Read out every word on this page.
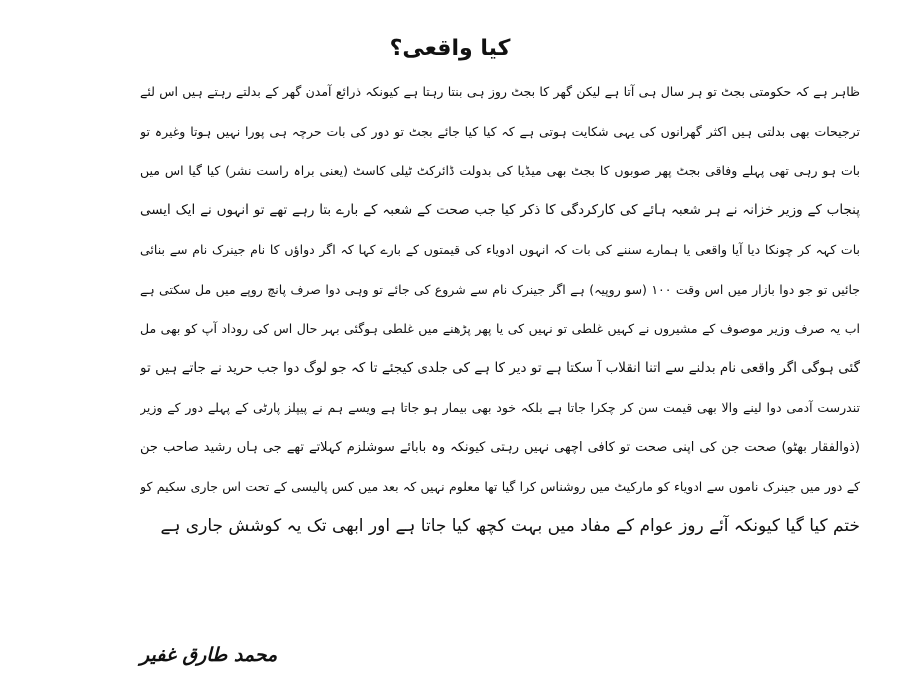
کیا واقعی؟
ظاہر ہے کہ حکومتی بجٹ تو ہر سال ہی آتا ہے لیکن گھر کا بجٹ روز ہی بنتا رہتا ہے کیونکہ ذرائع آمدن گھر کے بدلتے رہتے ہیں اس لئے
ترجیحات بھی بدلتی ہیں اکثر گھرانوں کی یہی شکایت ہوتی ہے کہ کیا کیا جائے بجٹ تو دور کی بات حرچہ ہی پورا نہیں ہوتا وغیرہ تو
بات ہو رہی تھی پہلے وفاقی بجٹ پھر صوبوں کا بجٹ بھی میڈیا کی بدولت ڈائرکٹ ٹیلی کاسٹ (یعنی براہ راست نشر) کیا گیا اس میں
پنجاب کے وزیر خزانہ نے ہر شعبہ ہائے کی کارکردگی کا ذکر کیا جب صحت کے شعبہ کے بارے بتا رہے تھے تو انہوں نے ایک ایسی
بات کہہ کر چونکا دیا آیا واقعی یا ہمارے سننے کی بات کہ انہوں ادویاء کی قیمتوں کے بارے کہا کہ اگر دواؤں کا نام جینرک نام سے بنائی
جائیں تو جو دوا بازار میں اس وقت ۱۰۰ (سو روپیہ) ہے اگر جینرک نام سے شروع کی جائے تو وہی دوا صرف پانچ روپے میں مل سکتی ہے
اب یہ صرف وزیر موصوف کے مشیروں نے کہیں غلطی تو نہیں کی یا پھر پڑھنے میں غلطی ہوگئی بہر حال اس کی روداد آپ کو بھی مل
گئی ہوگی اگر واقعی نام بدلنے سے اتنا انقلاب آ سکتا ہے تو دیر کا ہے کی جلدی کیجئے تا کہ جو لوگ دوا جب حرید نے جاتے ہیں تو
تندرست آدمی دوا لینے والا بھی قیمت سن کر چکرا جاتا ہے بلکہ خود بھی بیمار ہو جاتا ہے ویسے ہم نے پیپلز پارٹی کے پہلے دور کے وزیر
(ذوالفقار بھٹو) صحت جن کی اپنی صحت تو کافی اچھی نہیں رہتی کیونکہ وہ بابائے سوشلزم کہلاتے تھے جی ہاں رشید صاحب جن
کے دور میں جینرک ناموں سے ادویاء کو مارکیٹ میں روشناس کرا گیا تھا معلوم نہیں کہ بعد میں کس پالیسی کے تحت اس جاری سکیم کو
ختم کیا گیا کیونکہ آئے روز عوام کے مفاد میں بہت کچھ کیا جاتا ہے اور ابھی تک یہ کوشش جاری ہے
محمد طارق غفیر
